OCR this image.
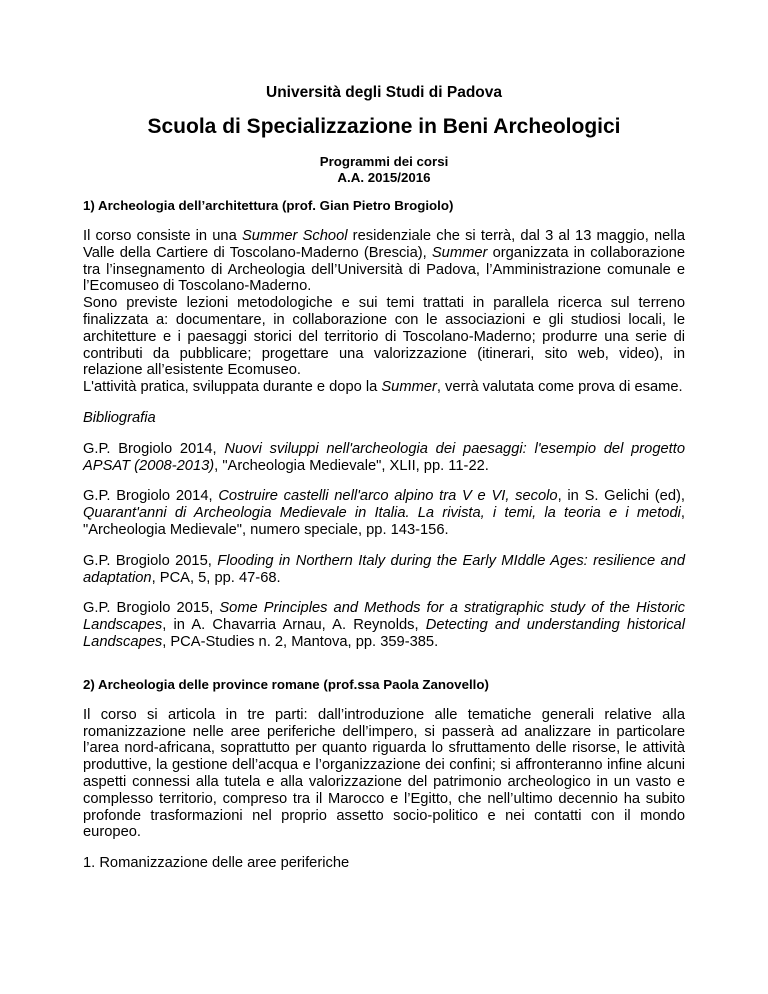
Università degli Studi di Padova
Scuola di Specializzazione in Beni Archeologici
Programmi dei corsi
A.A. 2015/2016
1) Archeologia dell’architettura (prof. Gian Pietro Brogiolo)

Il corso consiste in una Summer School residenziale che si terrà, dal 3 al 13 maggio, nella Valle della Cartiere di Toscolano-Maderno (Brescia), Summer organizzata in collaborazione tra l’insegnamento di Archeologia dell’Università di Padova, l’Amministrazione comunale e l’Ecomuseo di Toscolano-Maderno.

Sono previste lezioni metodologiche e sui temi trattati in parallela ricerca sul terreno finalizzata a: documentare, in collaborazione con le associazioni e gli studiosi locali, le architetture e i paesaggi storici del territorio di Toscolano-Maderno; produrre una serie di contributi da pubblicare; progettare una valorizzazione (itinerari, sito web, video), in relazione all’esistente Ecomuseo.

L'attività pratica, sviluppata durante e dopo la Summer, verrà valutata come prova di esame.

Bibliografia

G.P. Brogiolo 2014, Nuovi sviluppi nell'archeologia dei paesaggi: l'esempio del progetto APSAT (2008-2013), "Archeologia Medievale", XLII, pp. 11-22.

G.P. Brogiolo 2014, Costruire castelli nell'arco alpino tra V e VI, secolo, in S. Gelichi (ed), Quarant'anni di Archeologia Medievale in Italia. La rivista, i temi, la teoria e i metodi, "Archeologia Medievale", numero speciale, pp. 143-156.

G.P. Brogiolo 2015, Flooding in Northern Italy during the Early MIddle Ages: resilience and adaptation, PCA, 5, pp. 47-68.

G.P. Brogiolo 2015, Some Principles and Methods for a stratigraphic study of the Historic Landscapes, in A. Chavarria Arnau, A. Reynolds, Detecting and understanding historical Landscapes, PCA-Studies n. 2, Mantova, pp. 359-385.

2) Archeologia delle province romane (prof.ssa Paola Zanovello)

Il corso si articola in tre parti: dall’introduzione alle tematiche generali relative alla romanizzazione nelle aree periferiche dell’impero, si passerà ad analizzare in particolare l’area nord-africana, soprattutto per quanto riguarda lo sfruttamento delle risorse, le attività produttive, la gestione dell’acqua e l’organizzazione dei confini; si affronteranno infine alcuni aspetti connessi alla tutela e alla valorizzazione del patrimonio archeologico in un vasto e complesso territorio, compreso tra il Marocco e l’Egitto, che nell’ultimo decennio ha subito profonde trasformazioni nel proprio assetto socio-politico e nei contatti con il mondo europeo.

1. Romanizzazione delle aree periferiche
